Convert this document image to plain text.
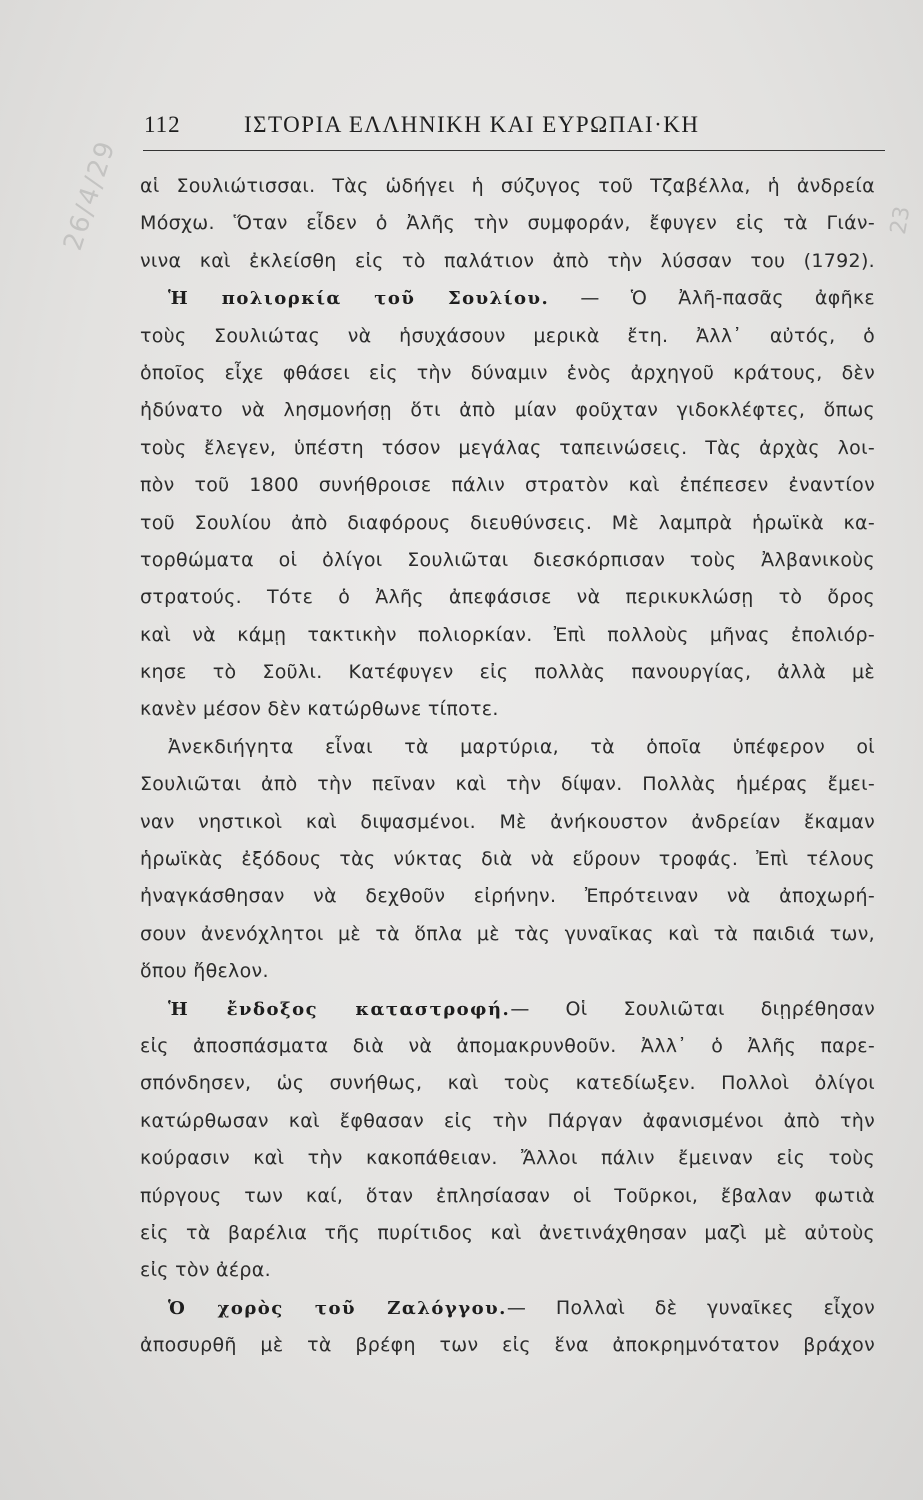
112	ΙΣΤΟΡΙΑ ΕΛΛΗΝΙΚΗ ΚΑΙ ΕΥΡΩΠΑΙ·ΚΗ
26/4/29	23
αἱ Σουλιώτισσαι. Τὰς ὡδήγει ἡ σύζυγος τοῦ Τζαβέλλα, ἡ ἀνδρεία
Μόσχω. Ὅταν εἶδεν ὁ Ἀλῆς τὴν συμφοράν, ἔφυγεν εἰς τὰ Γιάν-
νινα καὶ ἐκλείσθη εἰς τὸ παλάτιον ἀπὸ τὴν λύσσαν του (1792).
Ἡ πολιορκία τοῦ Σουλίου. — Ὁ Ἀλῆ-πασᾶς ἀφῆκε
τοὺς Σουλιώτας νὰ ἡσυχάσουν μερικὰ ἔτη. Ἀλλ᾽ αὐτός, ὁ
ὁποῖος εἶχε φθάσει εἰς τὴν δύναμιν ἑνὸς ἀρχηγοῦ κράτους, δὲν
ἠδύνατο νὰ λησμονήσῃ ὅτι ἀπὸ μίαν φοῦχταν γιδοκλέφτες, ὅπως
τοὺς ἔλεγεν, ὑπέστη τόσον μεγάλας ταπεινώσεις. Τὰς ἀρχὰς λοι-
πὸν τοῦ 1800 συνήθροισε πάλιν στρατὸν καὶ ἐπέπεσεν ἐναντίον
τοῦ Σουλίου ἀπὸ διαφόρους διευθύνσεις. Μὲ λαμπρὰ ἡρωϊκὰ κα-
τορθώματα οἱ ὀλίγοι Σουλιῶται διεσκόρπισαν τοὺς Ἀλβανικοὺς
στρατούς. Τότε ὁ Ἀλῆς ἀπεφάσισε νὰ περικυκλώσῃ τὸ ὄρος
καὶ νὰ κάμῃ τακτικὴν πολιορκίαν. Ἐπὶ πολλοὺς μῆνας ἐπολιόρ-
κησε τὸ Σοῦλι. Κατέφυγεν εἰς πολλὰς πανουργίας, ἀλλὰ μὲ
κανὲν μέσον δὲν κατώρθωνε τίποτε.
Ἀνεκδιήγητα εἶναι τὰ μαρτύρια, τὰ ὁποῖα ὑπέφερον οἱ
Σουλιῶται ἀπὸ τὴν πεῖναν καὶ τὴν δίψαν. Πολλὰς ἡμέρας ἔμει-
ναν νηστικοὶ καὶ διψασμένοι. Μὲ ἀνήκουστον ἀνδρείαν ἔκαμαν
ἡρωϊκὰς ἐξόδους τὰς νύκτας διὰ νὰ εὕρουν τροφάς. Ἐπὶ τέλους
ἠναγκάσθησαν νὰ δεχθοῦν εἰρήνην. Ἐπρότειναν νὰ ἀποχωρή-
σουν ἀνενόχλητοι μὲ τὰ ὅπλα μὲ τὰς γυναῖκας καὶ τὰ παιδιά των,
ὅπου ἤθελον.
Ἡ ἔνδοξος καταστροφή.— Οἱ Σουλιῶται διῃρέθησαν
εἰς ἀποσπάσματα διὰ νὰ ἀπομακρυνθοῦν. Ἀλλ᾽ ὁ Ἀλῆς παρε-
σπόνδησεν, ὡς συνήθως, καὶ τοὺς κατεδίωξεν. Πολλοὶ ὀλίγοι
κατώρθωσαν καὶ ἔφθασαν εἰς τὴν Πάργαν ἀφανισμένοι ἀπὸ τὴν
κούρασιν καὶ τὴν κακοπάθειαν. Ἄλλοι πάλιν ἔμειναν εἰς τοὺς
πύργους των καί, ὅταν ἐπλησίασαν οἱ Τοῦρκοι, ἔβαλαν φωτιὰ
εἰς τὰ βαρέλια τῆς πυρίτιδος καὶ ἀνετινάχθησαν μαζὶ μὲ αὐτοὺς
εἰς τὸν ἀέρα.
Ὁ χορὸς τοῦ Ζαλόγγου.— Πολλαὶ δὲ γυναῖκες εἶχον
ἀποσυρθῆ μὲ τὰ βρέφη των εἰς ἕνα ἀποκρημνότατον βράχον
